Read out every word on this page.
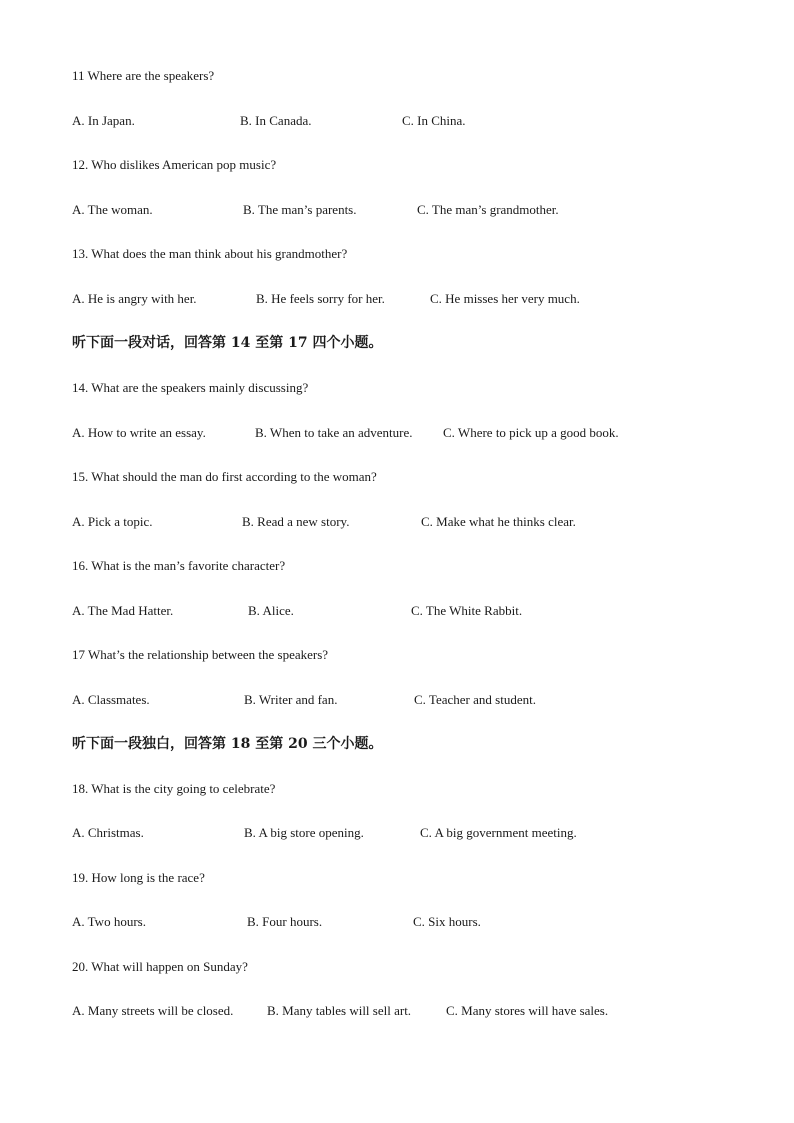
11 Where are the speakers?
A. In Japan.	B. In Canada.	C. In China.
12. Who dislikes American pop music?
A. The woman.	B. The man’s parents.	C. The man’s grandmother.
13. What does the man think about his grandmother?
A. He is angry with her.	B. He feels sorry for her.	C. He misses her very much.
听下面一段对话，回答第 14 至第 17 四个小题。
14. What are the speakers mainly discussing?
A. How to write an essay.	B. When to take an adventure. C. Where to pick up a good book.
15. What should the man do first according to the woman?
A. Pick a topic.	B. Read a new story.	C. Make what he thinks clear.
16. What is the man’s favorite character?
A. The Mad Hatter.	B. Alice.	C. The White Rabbit.
17 What’s the relationship between the speakers?
A. Classmates.	B. Writer and fan.	C. Teacher and student.
听下面一段独白，回答第 18 至第 20 三个小题。
18. What is the city going to celebrate?
A. Christmas.	B. A big store opening.	C. A big government meeting.
19. How long is the race?
A. Two hours.	B. Four hours.	C. Six hours.
20. What will happen on Sunday?
A. Many streets will be closed.	B. Many tables will sell art.	C. Many stores will have sales.
